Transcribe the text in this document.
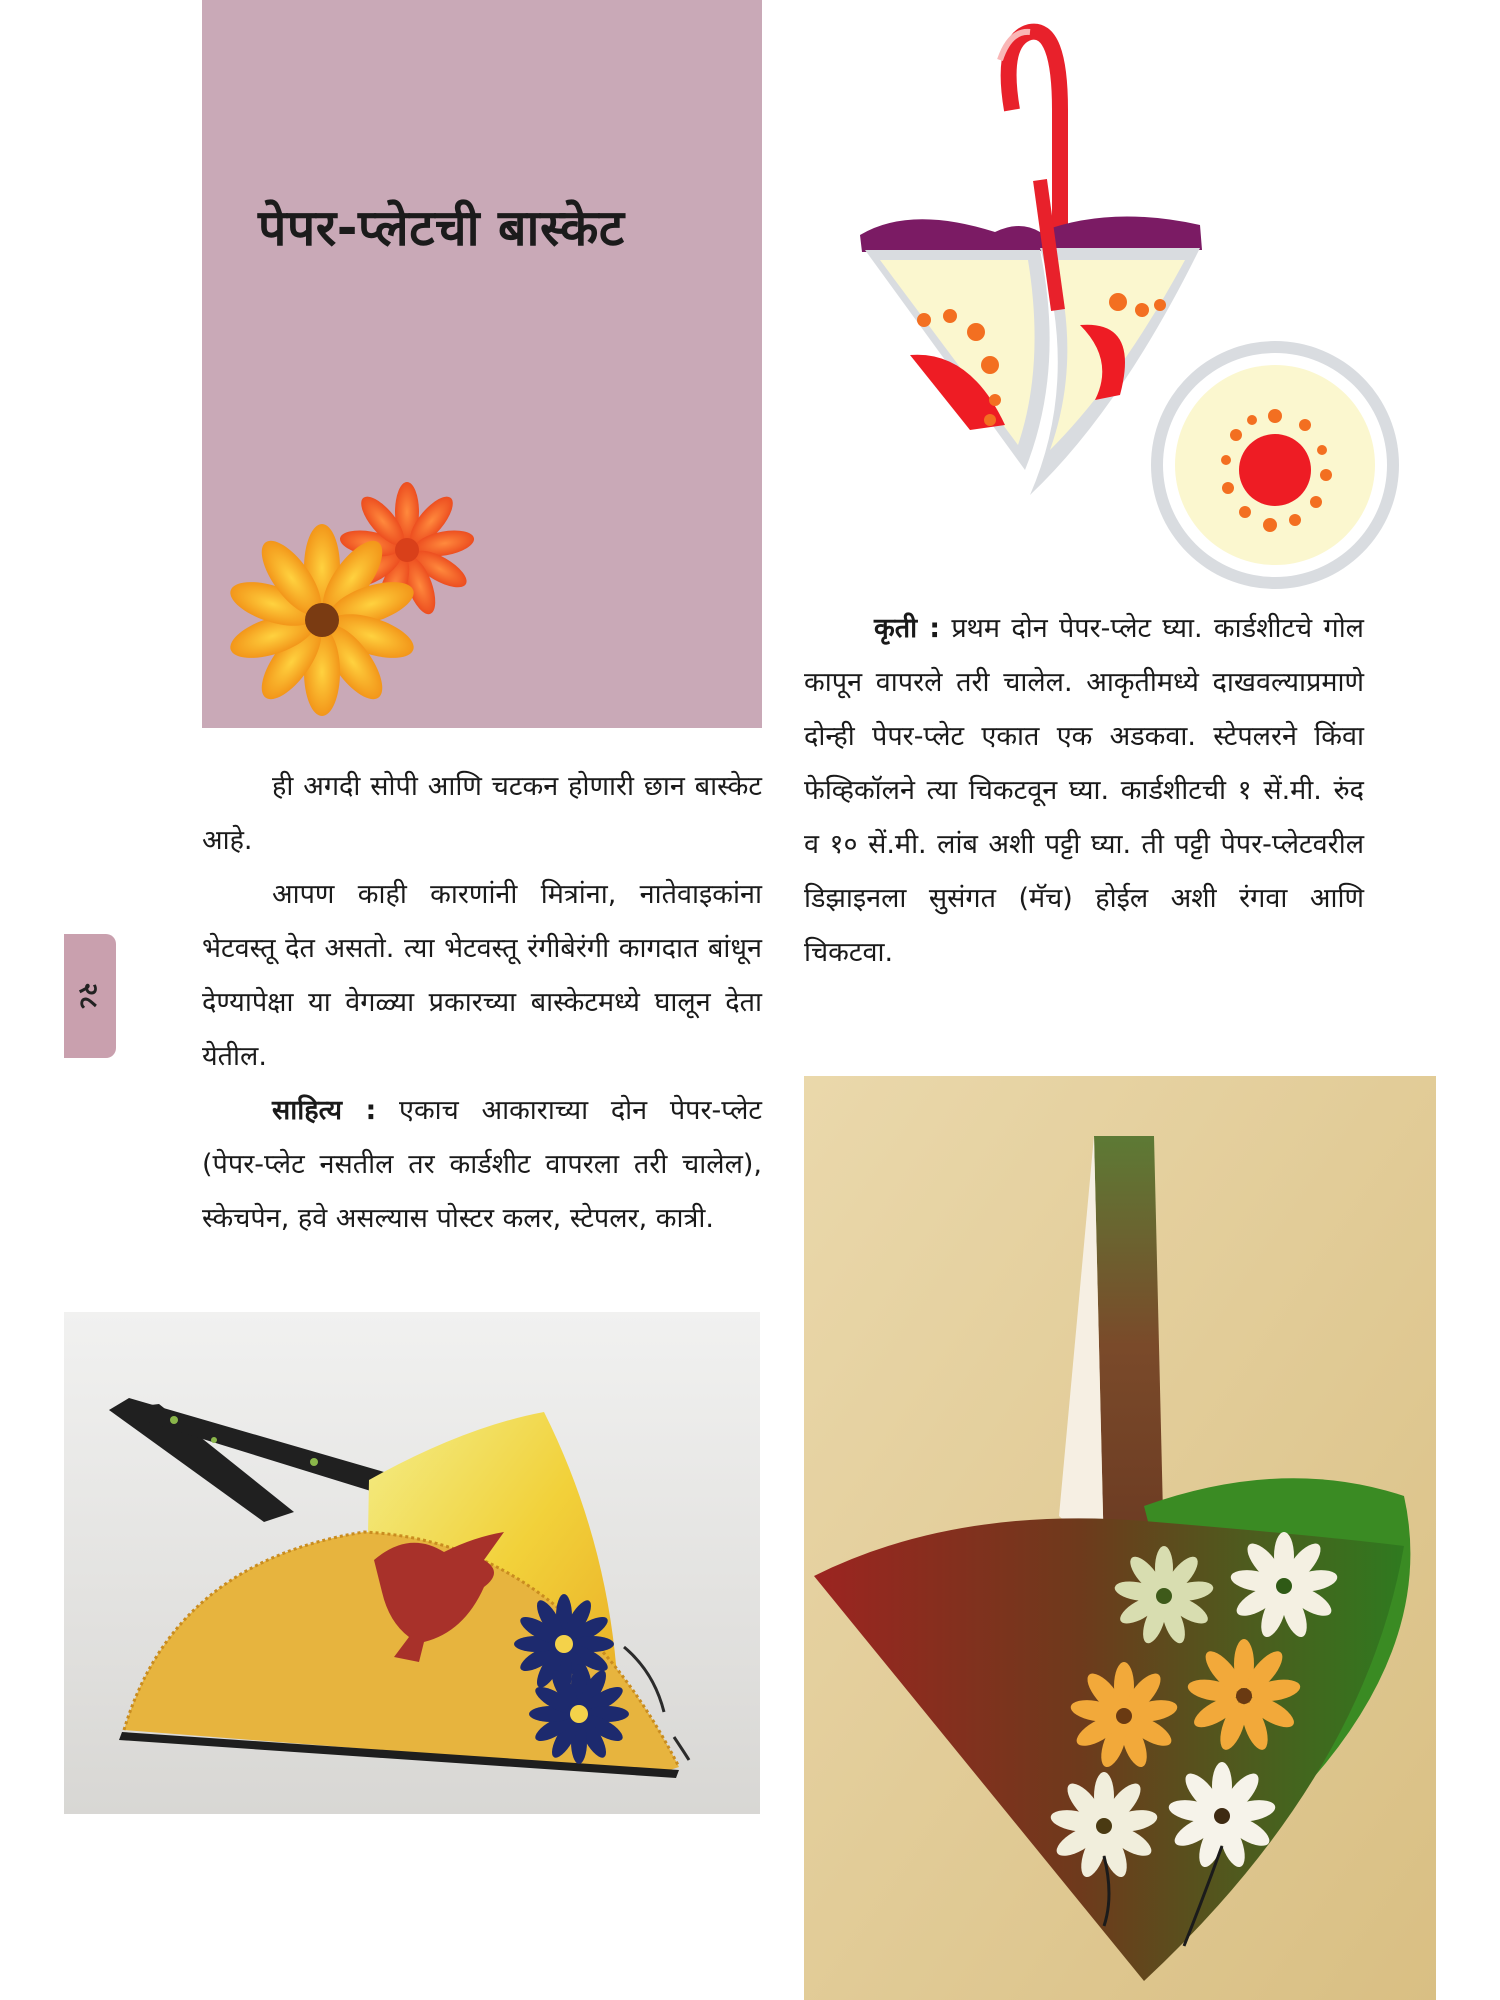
पेपर-प्लेटची बास्केट
२८

कृती : प्रथम दोन पेपर-प्लेट घ्या. कार्डशीटचे गोल कापून वापरले तरी चालेल. आकृतीमध्ये दाखवल्याप्रमाणे दोन्ही पेपर-प्लेट एकात एक अडकवा. स्टेपलरने किंवा फेव्हिकॉलने त्या चिकटवून घ्या. कार्डशीटची १ सें.मी. रुंद व १० सें.मी. लांब अशी पट्टी घ्या. ती पट्टी पेपर-प्लेटवरील डिझाइनला सुसंगत (मॅच) होईल अशी रंगवा आणि चिकटवा.

ही अगदी सोपी आणि चटकन होणारी छान बास्केट आहे.

आपण काही कारणांनी मित्रांना, नातेवाइकांना भेटवस्तू देत असतो. त्या भेटवस्तू रंगीबेरंगी कागदात बांधून देण्यापेक्षा या वेगळ्या प्रकारच्या बास्केटमध्ये घालून देता येतील.

साहित्य : एकाच आकाराच्या दोन पेपर-प्लेट (पेपर-प्लेट नसतील तर कार्डशीट वापरला तरी चालेल), स्केचपेन, हवे असल्यास पोस्टर कलर, स्टेपलर, कात्री.
